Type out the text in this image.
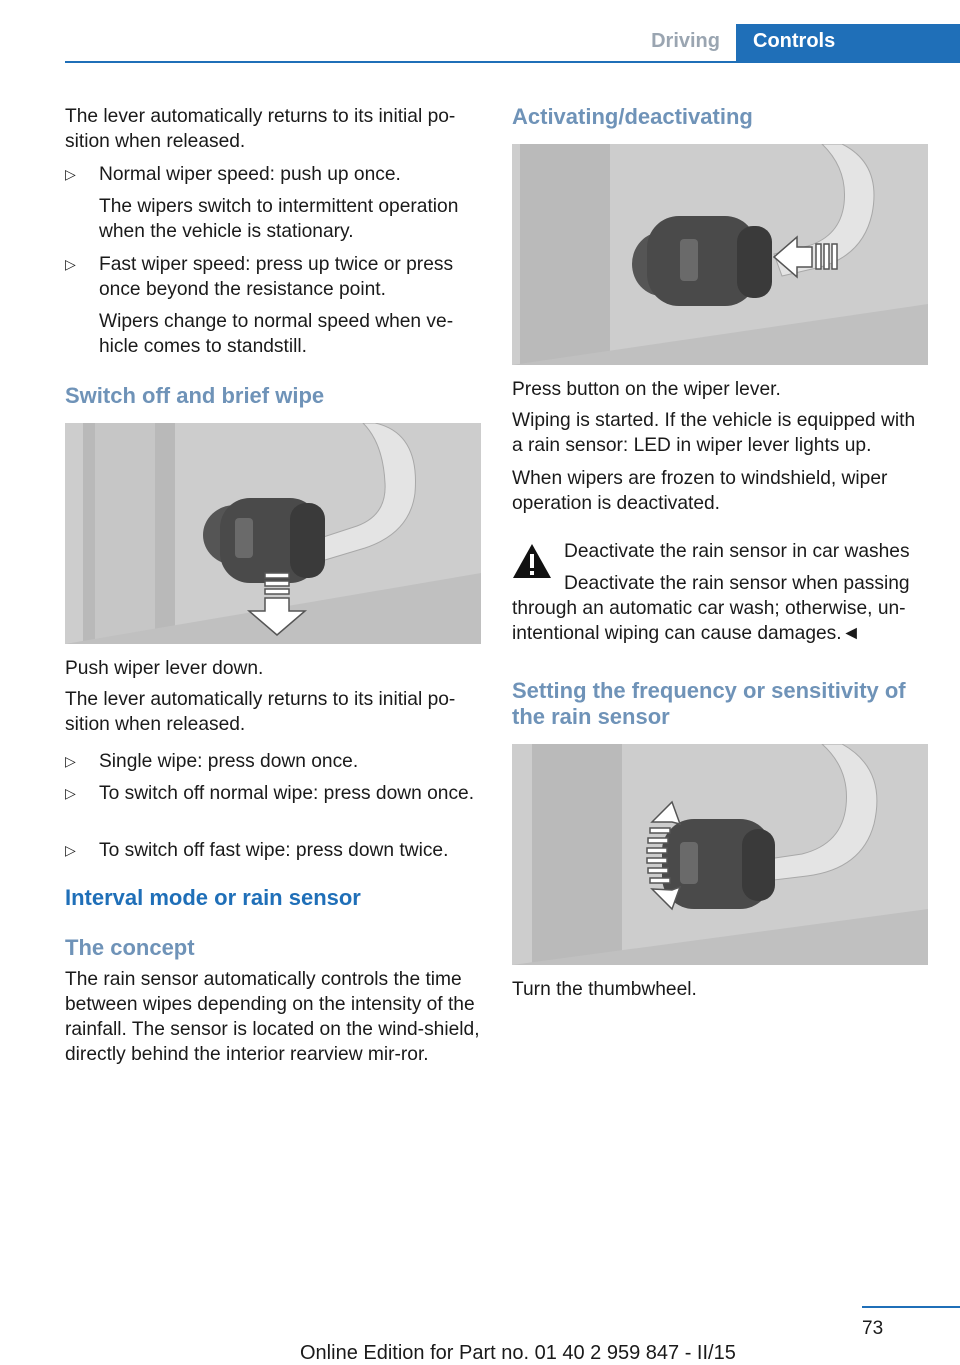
Driving Controls

The lever automatically returns to its initial po-sition when released.

▷ Normal wiper speed: push up once.
The wipers switch to intermittent operation when the vehicle is stationary.
▷ Fast wiper speed: press up twice or press once beyond the resistance point.
Wipers change to normal speed when ve-hicle comes to standstill.
Switch off and brief wipe

Push wiper lever down.

The lever automatically returns to its initial po-sition when released.

▷ Single wipe: press down once.
▷ To switch off normal wipe: press down once.
▷ To switch off fast wipe: press down twice.
Interval mode or rain sensor
The concept

The rain sensor automatically controls the time between wipes depending on the intensity of the rainfall. The sensor is located on the wind-shield, directly behind the interior rearview mir-ror.

Activating/deactivating

Press button on the wiper lever.

Wiping is started. If the vehicle is equipped with a rain sensor: LED in wiper lever lights up.

When wipers are frozen to windshield, wiper operation is deactivated.

Deactivate the rain sensor in car washes

Deactivate the rain sensor when passing through an automatic car wash; otherwise, un-intentional wiping can cause damages.◄

Setting the frequency or sensitivity of the rain sensor

Turn the thumbwheel.

73
Online Edition for Part no. 01 40 2 959 847 - II/15
